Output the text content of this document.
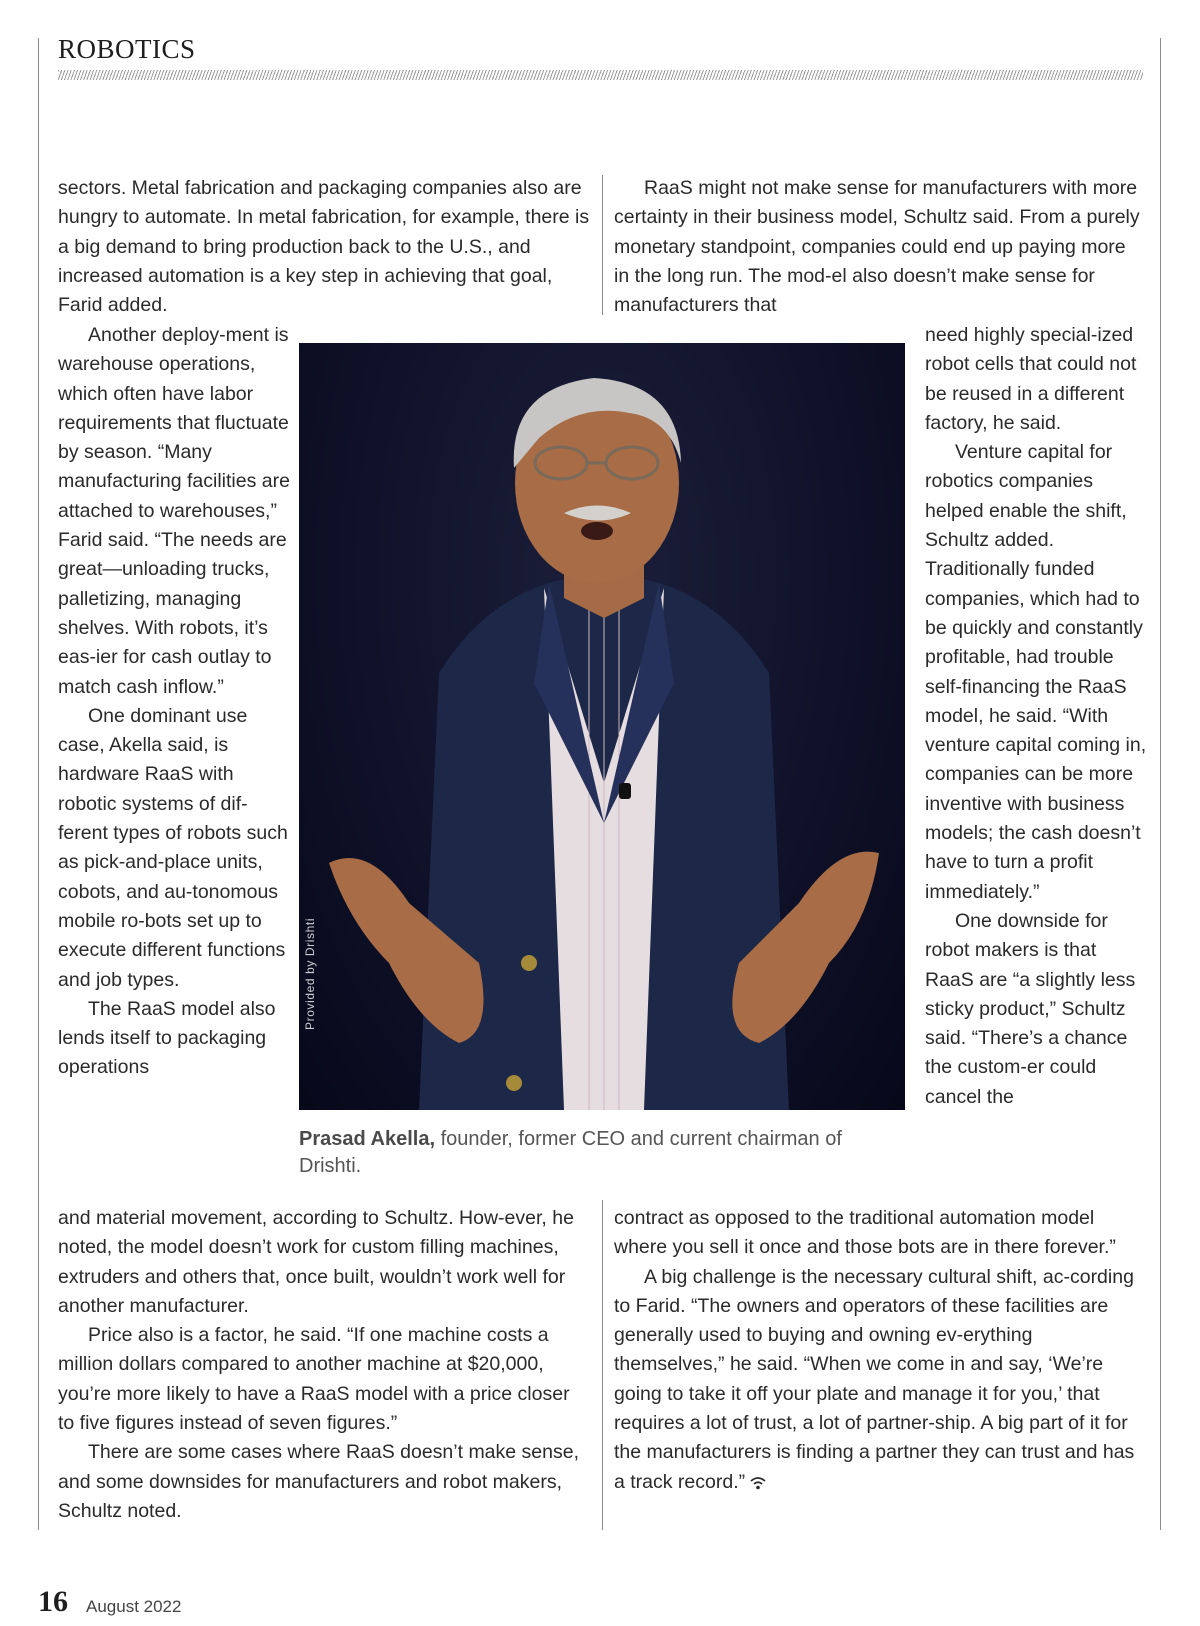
ROBOTICS

sectors. Metal fabrication and packaging companies also are hungry to automate. In metal fabrication, for example, there is a big demand to bring production back to the U.S., and increased automation is a key step in achieving that goal, Farid added.

Another deploy-ment is warehouse operations, which often have labor requirements that fluctuate by season. “Many manufacturing facilities are attached to warehouses,” Farid said. “The needs are great—unloading trucks, palletizing, managing shelves. With robots, it’s eas-ier for cash outlay to match cash inflow.”

One dominant use case, Akella said, is hardware RaaS with robotic systems of dif-ferent types of robots such as pick-and-place units, cobots, and au-tonomous mobile ro-bots set up to execute different functions and job types.

The RaaS model also lends itself to packaging operations

and material movement, according to Schultz. How-ever, he noted, the model doesn’t work for custom filling machines, extruders and others that, once built, wouldn’t work well for another manufacturer.

Price also is a factor, he said. “If one machine costs a million dollars compared to another machine at $20,000, you’re more likely to have a RaaS model with a price closer to five figures instead of seven figures.”

There are some cases where RaaS doesn’t make sense, and some downsides for manufacturers and robot makers, Schultz noted.

RaaS might not make sense for manufacturers with more certainty in their business model, Schultz said. From a purely monetary standpoint, companies could end up paying more in the long run. The mod-el also doesn’t make sense for manufacturers that

need highly special-ized robot cells that could not be reused in a different factory, he said.

Venture capital for robotics companies helped enable the shift, Schultz added. Traditionally funded companies, which had to be quickly and constantly profitable, had trouble self-financing the RaaS model, he said. “With venture capital coming in, companies can be more inventive with business models; the cash doesn’t have to turn a profit immediately.”

One downside for robot makers is that RaaS are “a slightly less sticky product,” Schultz said. “There’s a chance the custom-er could cancel the

contract as opposed to the traditional automation model where you sell it once and those bots are in there forever.”

A big challenge is the necessary cultural shift, ac-cording to Farid. “The owners and operators of these facilities are generally used to buying and owning ev-erything themselves,” he said. “When we come in and say, ‘We’re going to take it off your plate and manage it for you,’ that requires a lot of trust, a lot of partner-ship. A big part of it for the manufacturers is finding a partner they can trust and has a track record.”

Provided by Drishti
Prasad Akella, founder, former CEO and current chairman of Drishti.
16 August 2022
